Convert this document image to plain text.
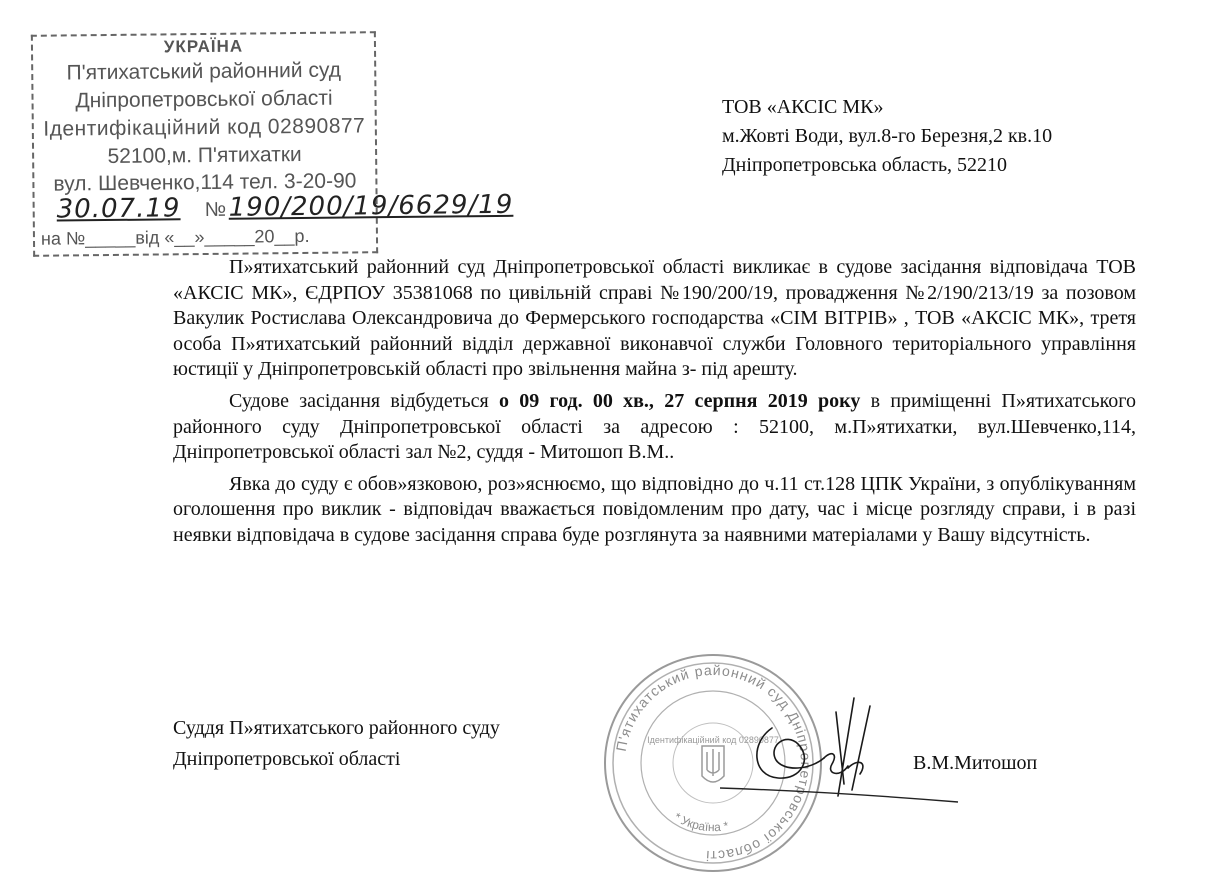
УКРАЇНА
П'ятихатський районний суд
Дніпропетровської області
Ідентифікаційний код 02890877
52100,м. П'ятихатки
вул. Шевченко,114 тел. 3-20-90
30.07.19 № 190/200/19/6629/19
на №_____від «__»_____20__р.
ТОВ «АКСІС МК»
м.Жовті Води, вул.8-го Березня,2 кв.10
Дніпропетровська область, 52210

П»ятихатський районний суд Дніпропетровської області викликає в судове засідання відповідача ТОВ «АКСІС МК», ЄДРПОУ 35381068 по цивільній справі №190/200/19, провадження №2/190/213/19 за позовом Вакулик Ростислава Олександровича до Фермерського господарства «СІМ ВІТРІВ» , ТОВ «АКСІС МК», третя особа П»ятихатський районний відділ державної виконавчої служби Головного територіального управління юстиції у Дніпропетровській області про звільнення майна з- під арешту.

Судове засідання відбудеться о 09 год. 00 хв., 27 серпня 2019 року в приміщенні П»ятихатського районного суду Дніпропетровської області за адресою : 52100, м.П»ятихатки, вул.Шевченко,114, Дніпропетровської області зал №2, суддя - Митошоп В.М..

Явка до суду є обов»язковою, роз»яснюємо, що відповідно до ч.11 ст.128 ЦПК України, з опублікуванням оголошення про виклик - відповідач вважається повідомленим про дату, час і місце розгляду справи, і в разі неявки відповідача в судове засідання справа буде розглянута за наявними матеріалами у Вашу відсутність.

П'ятихатський районний суд Дніпропетровської області
Ідентифікаційний код 02890877
* Україна *
Суддя П»ятихатського районного суду
Дніпропетровської області	В.М.Митошоп
